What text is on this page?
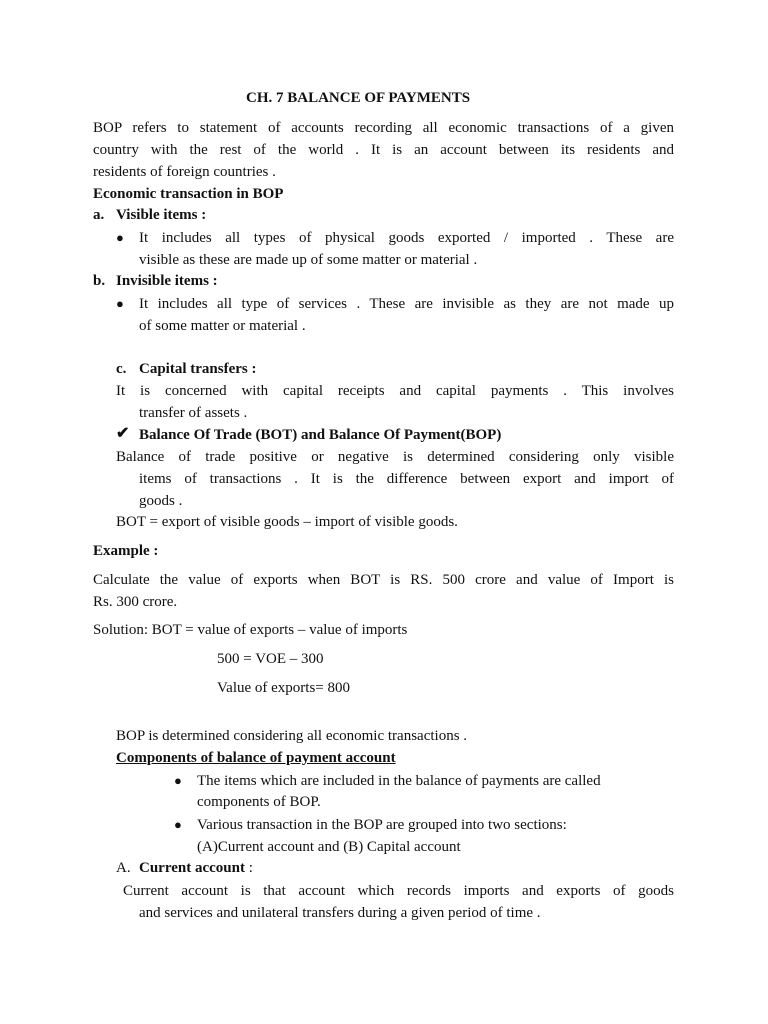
CH. 7 BALANCE OF PAYMENTS
BOP refers to statement of accounts recording all economic transactions of a given
country with the rest of the world . It is an account between its residents and
residents of foreign countries .
Economic transaction in BOP
a. Visible items :
● It includes all types of physical goods exported / imported . These are
visible as these are made up of some matter or material .
b. Invisible items :
● It includes all type of services . These are invisible as they are not made up
of some matter or material .
c. Capital transfers :
It is concerned with capital receipts and capital payments . This involves
transfer of assets .
✔ Balance Of Trade (BOT) and Balance Of Payment(BOP)
Balance of trade positive or negative is determined considering only visible
items of transactions . It is the difference between export and import of
goods .
BOT = export of visible goods – import of visible goods.
Example :
Calculate the value of exports when BOT is RS. 500 crore and value of Import is
Rs. 300 crore.
Solution: BOT = value of exports – value of imports
500 = VOE – 300
Value of exports= 800
BOP is determined considering all economic transactions .
Components of balance of payment account
● The items which are included in the balance of payments are called
components of BOP.
● Various transaction in the BOP are grouped into two sections:
(A)Current account and (B) Capital account
A. Current account :
Current account is that account which records imports and exports of goods
and services and unilateral transfers during a given period of time .
